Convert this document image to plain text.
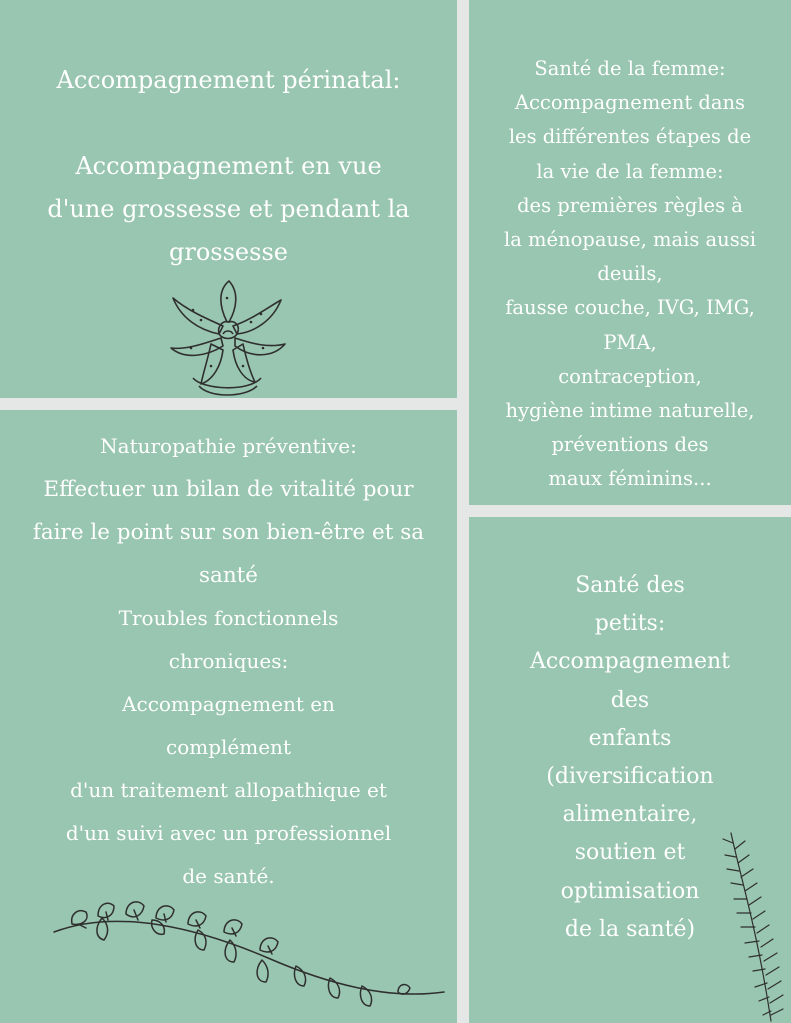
Accompagnement périnatal:
Accompagnement en vue
d'une grossesse et pendant la
grossesse
Santé de la femme:
Accompagnement dans
les différentes étapes de
la vie de la femme:
des premières règles à
la ménopause, mais aussi
deuils,
fausse couche, IVG, IMG,
PMA,
contraception,
hygiène intime naturelle,
préventions des
maux féminins...
Naturopathie préventive:
Effectuer un bilan de vitalité pour
faire le point sur son bien-être et sa
santé
Troubles fonctionnels
chroniques:
Accompagnement en
complément
d'un traitement allopathique et
d'un suivi avec un professionnel
de santé.
Santé des
petits:
Accompagnement
des
enfants
(diversification
alimentaire,
soutien et
optimisation
de la santé)
